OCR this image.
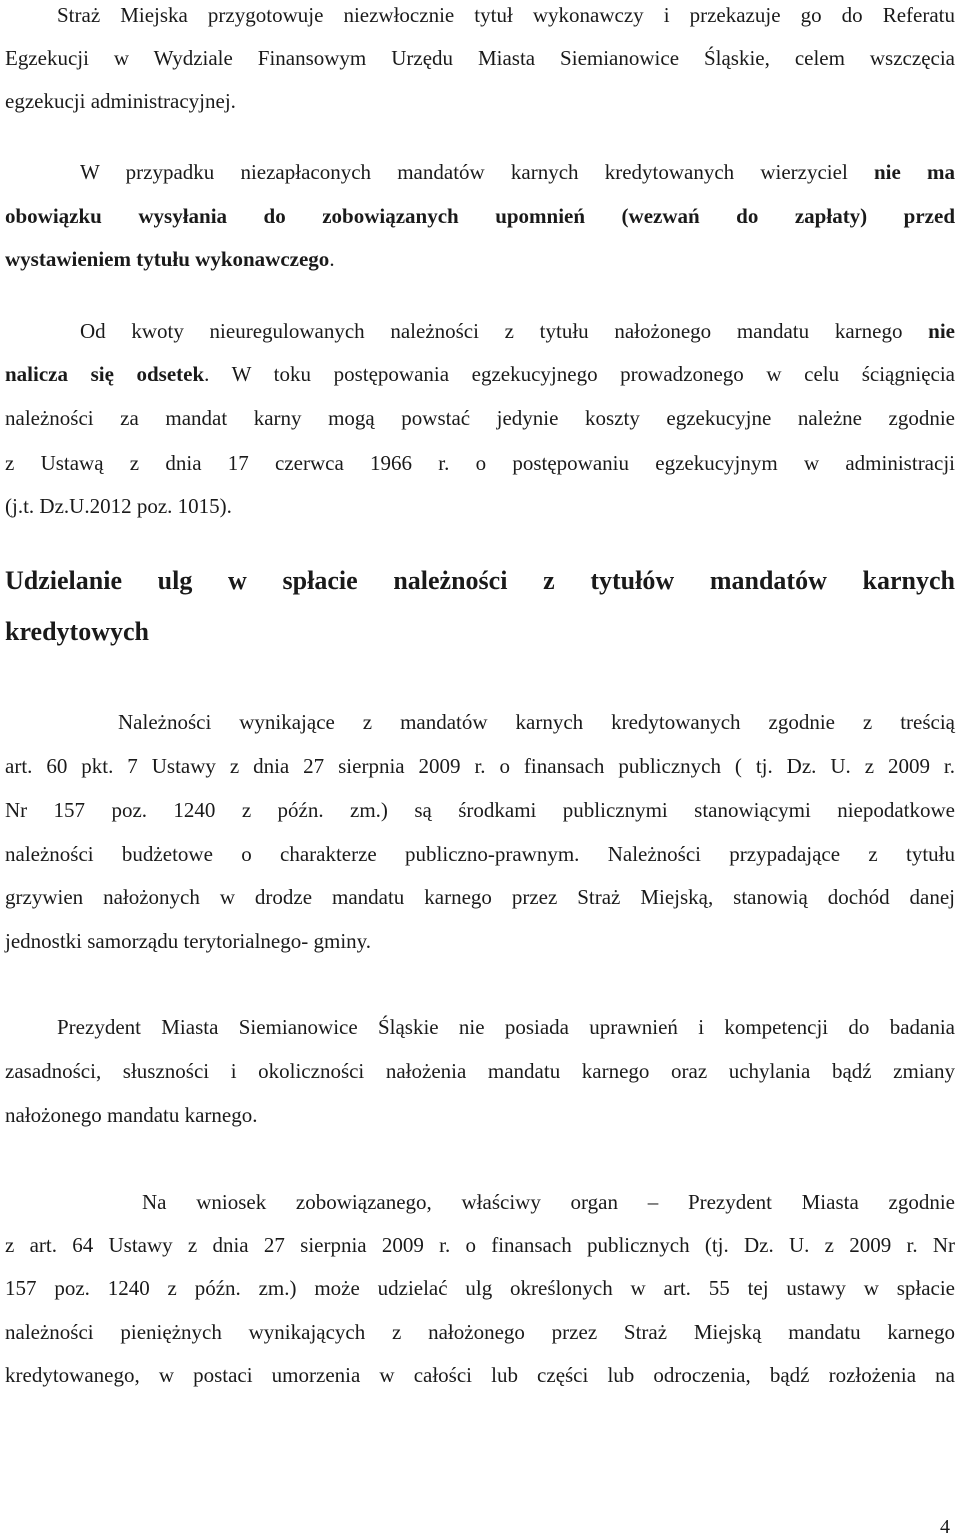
Straż Miejska przygotowuje niezwłocznie tytuł wykonawczy i przekazuje go do Referatu
Egzekucji w Wydziale Finansowym Urzędu Miasta Siemianowice Śląskie, celem wszczęcia
egzekucji administracyjnej.
W przypadku niezapłaconych mandatów karnych kredytowanych wierzyciel nie ma
obowiązku wysyłania do zobowiązanych upomnień (wezwań do zapłaty) przed
wystawieniem tytułu wykonawczego.
Od kwoty nieuregulowanych należności z tytułu nałożonego mandatu karnego nie
nalicza się odsetek. W toku postępowania egzekucyjnego prowadzonego w celu ściągnięcia
należności za mandat karny mogą powstać jedynie koszty egzekucyjne należne zgodnie
z Ustawą z dnia 17 czerwca 1966 r. o postępowaniu egzekucyjnym w administracji
(j.t. Dz.U.2012 poz. 1015).
Udzielanie ulg w spłacie należności z tytułów mandatów karnych
kredytowych
Należności wynikające z mandatów karnych kredytowanych zgodnie z treścią
art. 60 pkt. 7 Ustawy z dnia 27 sierpnia 2009 r. o finansach publicznych ( tj. Dz. U. z 2009 r.
Nr 157 poz. 1240 z późn. zm.) są środkami publicznymi stanowiącymi niepodatkowe
należności budżetowe o charakterze publiczno-prawnym. Należności przypadające z tytułu
grzywien nałożonych w drodze mandatu karnego przez Straż Miejską, stanowią dochód danej
jednostki samorządu terytorialnego- gminy.
Prezydent Miasta Siemianowice Śląskie nie posiada uprawnień i kompetencji do badania
zasadności, słuszności i okoliczności nałożenia mandatu karnego oraz uchylania bądź zmiany
nałożonego mandatu karnego.
Na wniosek zobowiązanego, właściwy organ – Prezydent Miasta zgodnie
z art. 64 Ustawy z dnia 27 sierpnia 2009 r. o finansach publicznych (tj. Dz. U. z 2009 r. Nr
157 poz. 1240 z późn. zm.) może udzielać ulg określonych w art. 55 tej ustawy w spłacie
należności pieniężnych wynikających z nałożonego przez Straż Miejską mandatu karnego
kredytowanego, w postaci umorzenia w całości lub części lub odroczenia, bądź rozłożenia na
4
